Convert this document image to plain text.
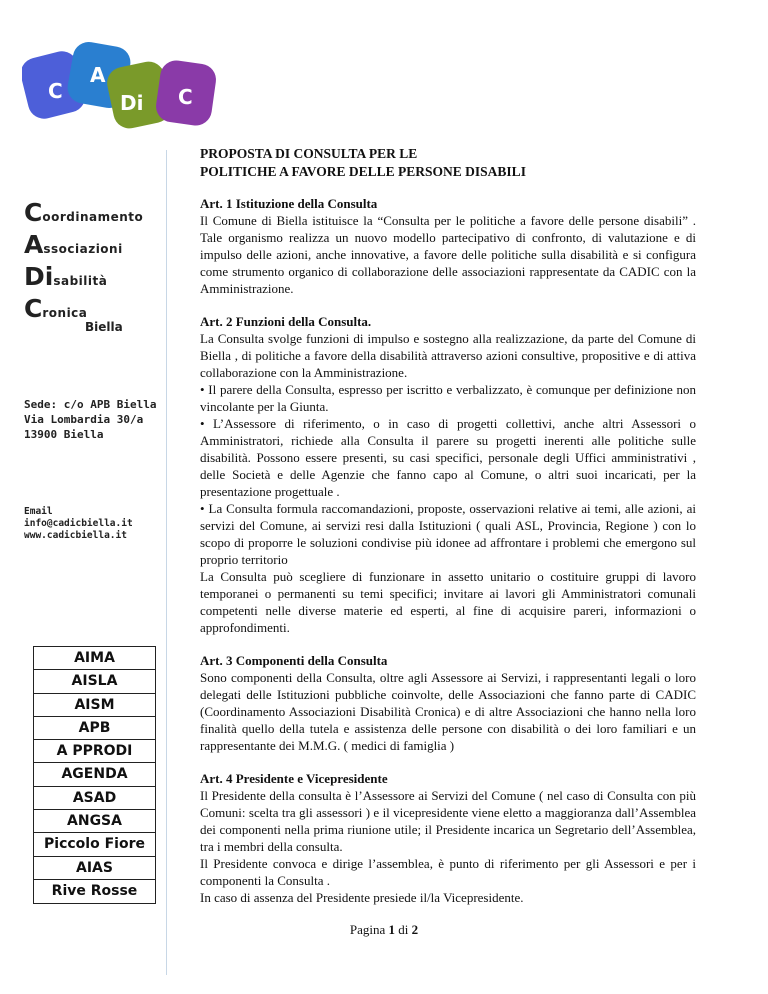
C
A
Di C
Coordinamento
Associazioni
Disabilità
Cronica
Biella
Sede: c/o APB Biella
Via Lombardia 30/a
13900 Biella
Email info@cadicbiella.it
www.cadicbiella.it
AIMA
AISLA
AISM
APB
A PPRODI
AGENDA
ASAD
ANGSA
Piccolo Fiore
AIAS
Rive Rosse
PROPOSTA DI CONSULTA PER LE
POLITICHE A FAVORE DELLE PERSONE DISABILI
Art. 1 Istituzione della Consulta

Il Comune di Biella istituisce la “Consulta per le politiche a favore delle persone disabili” . Tale organismo realizza un nuovo modello partecipativo di confronto, di valutazione e di impulso delle azioni, anche innovative, a favore delle politiche sulla disabilità e si configura come strumento organico di collaborazione delle associazioni rappresentate da CADIC con la Amministrazione.

Art. 2 Funzioni della Consulta.

La Consulta svolge funzioni di impulso e sostegno alla realizzazione, da parte del Comune di Biella , di politiche a favore della disabilità attraverso azioni consultive, propositive e di attiva collaborazione con la Amministrazione.

• Il parere della Consulta, espresso per iscritto e verbalizzato, è comunque per definizione non vincolante per la Giunta.

• L’Assessore di riferimento, o in caso di progetti collettivi, anche altri Assessori o Amministratori, richiede alla Consulta il parere su progetti inerenti alle politiche sulle disabilità. Possono essere presenti, su casi specifici, personale degli Uffici amministrativi , delle Società e delle Agenzie che fanno capo al Comune, o altri suoi incaricati, per la presentazione progettuale .

• La Consulta formula raccomandazioni, proposte, osservazioni relative ai temi, alle azioni, ai servizi del Comune, ai servizi resi dalla Istituzioni ( quali ASL, Provincia, Regione ) con lo scopo di proporre le soluzioni condivise più idonee ad affrontare i problemi che emergono sul proprio territorio

La Consulta può scegliere di funzionare in assetto unitario o costituire gruppi di lavoro temporanei o permanenti su temi specifici; invitare ai lavori gli Amministratori comunali competenti nelle diverse materie ed esperti, al fine di acquisire pareri, informazioni o approfondimenti.

Art. 3 Componenti della Consulta

Sono componenti della Consulta, oltre agli Assessore ai Servizi, i rappresentanti legali o loro delegati delle Istituzioni pubbliche coinvolte, delle Associazioni che fanno parte di CADIC (Coordinamento Associazioni Disabilità Cronica) e di altre Associazioni che hanno nella loro finalità quello della tutela e assistenza delle persone con disabilità o dei loro familiari e un rappresentante dei M.M.G. ( medici di famiglia )

Art. 4 Presidente e Vicepresidente

Il Presidente della consulta è l’Assessore ai Servizi del Comune ( nel caso di Consulta con più Comuni: scelta tra gli assessori ) e il vicepresidente viene eletto a maggioranza dall’Assemblea dei componenti nella prima riunione utile; il Presidente incarica un Segretario dell’Assemblea, tra i membri della consulta.

Il Presidente convoca e dirige l’assemblea, è punto di riferimento per gli Assessori e per i componenti la Consulta .

In caso di assenza del Presidente presiede il/la Vicepresidente.

Pagina 1 di 2
